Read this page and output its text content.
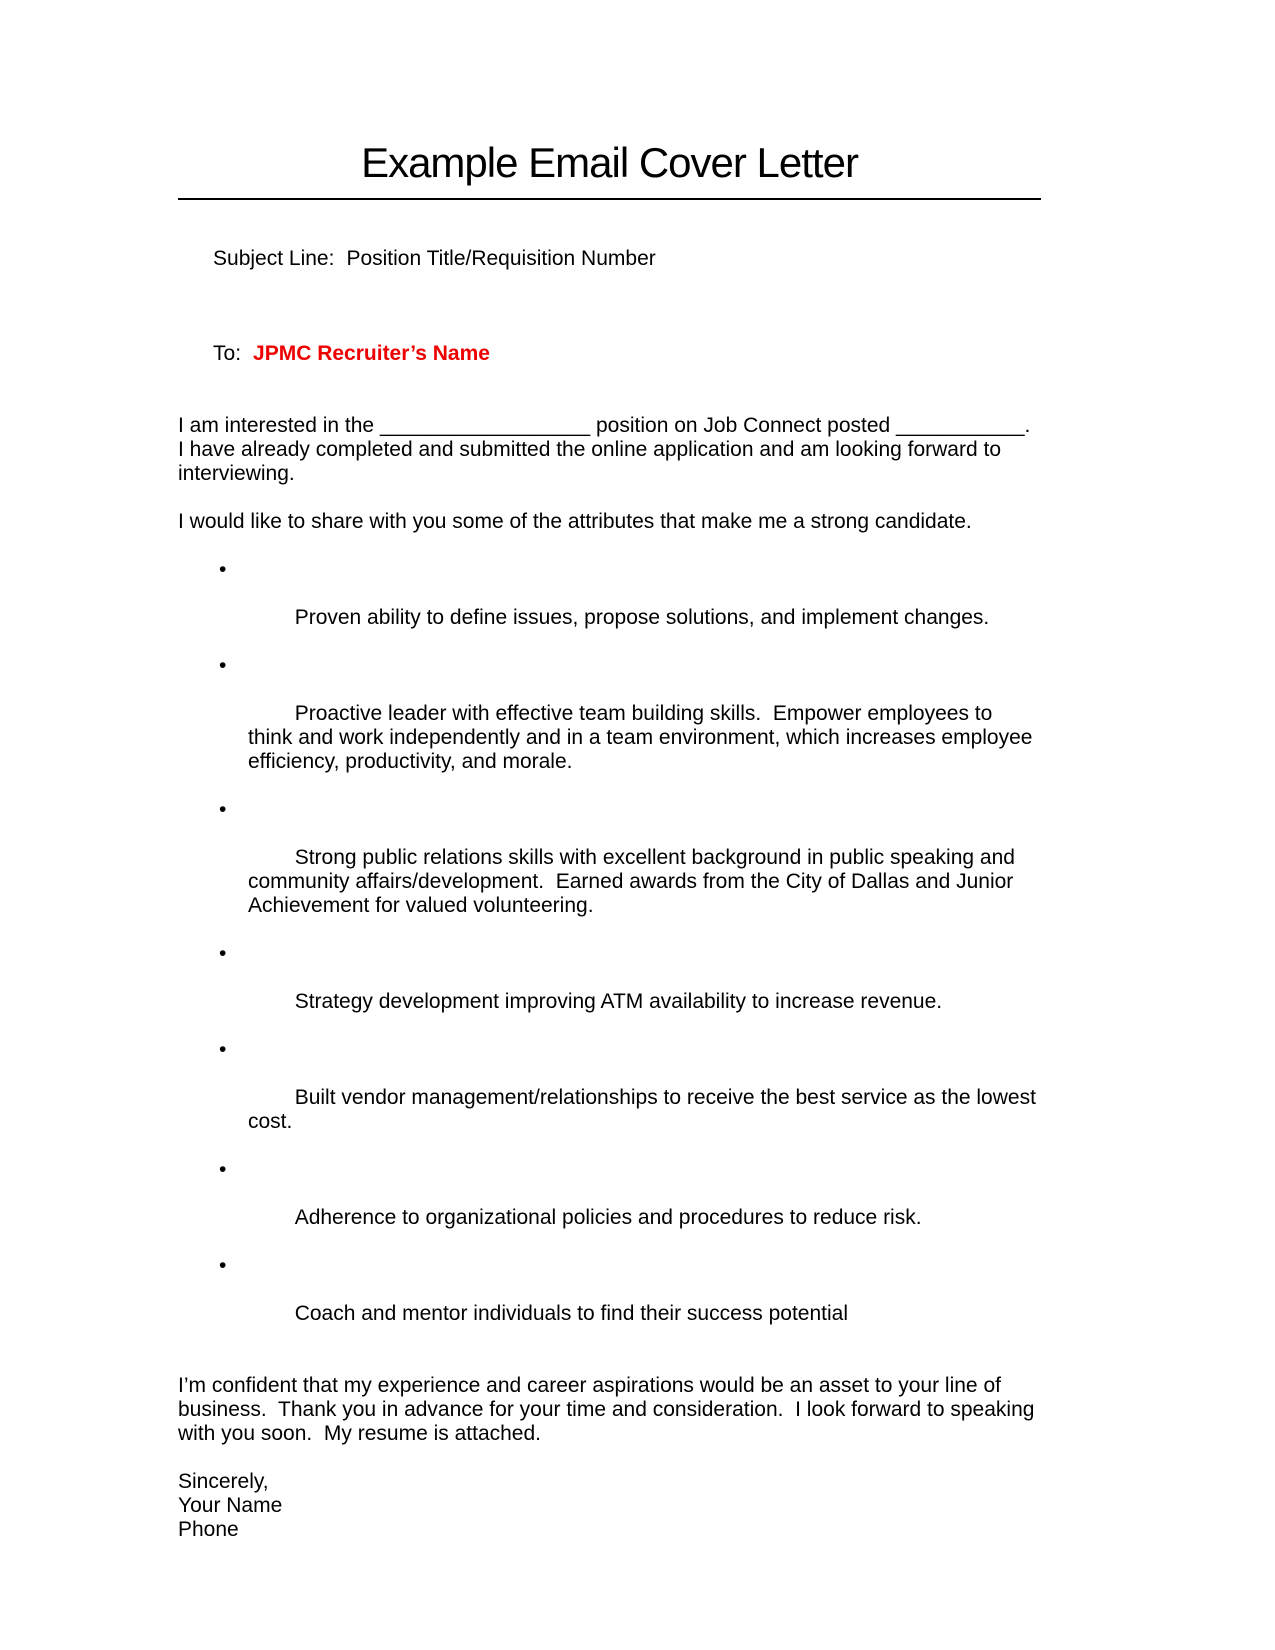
Example Email Cover Letter

Subject Line: Position Title/Requisition Number

To: JPMC Recruiter’s Name

I am interested in the __________________ position on Job Connect posted ___________.  I have already completed and submitted the online application and am looking forward to interviewing.

I would like to share with you some of the attributes that make me a strong candidate.

•

Proven ability to define issues, propose solutions, and implement changes.

•

Proactive leader with effective team building skills.  Empower employees to think and work independently and in a team environment, which increases employee efficiency, productivity, and morale.

•

Strong public relations skills with excellent background in public speaking and community affairs/development.  Earned awards from the City of Dallas and Junior Achievement for valued volunteering.

•

Strategy development improving ATM availability to increase revenue.

•

Built vendor management/relationships to receive the best service as the lowest cost.

•

Adherence to organizational policies and procedures to reduce risk.

•

Coach and mentor individuals to find their success potential

I’m confident that my experience and career aspirations would be an asset to your line of business.  Thank you in advance for your time and consideration.  I look forward to speaking with you soon.  My resume is attached.

Sincerely,
Your Name
Phone
